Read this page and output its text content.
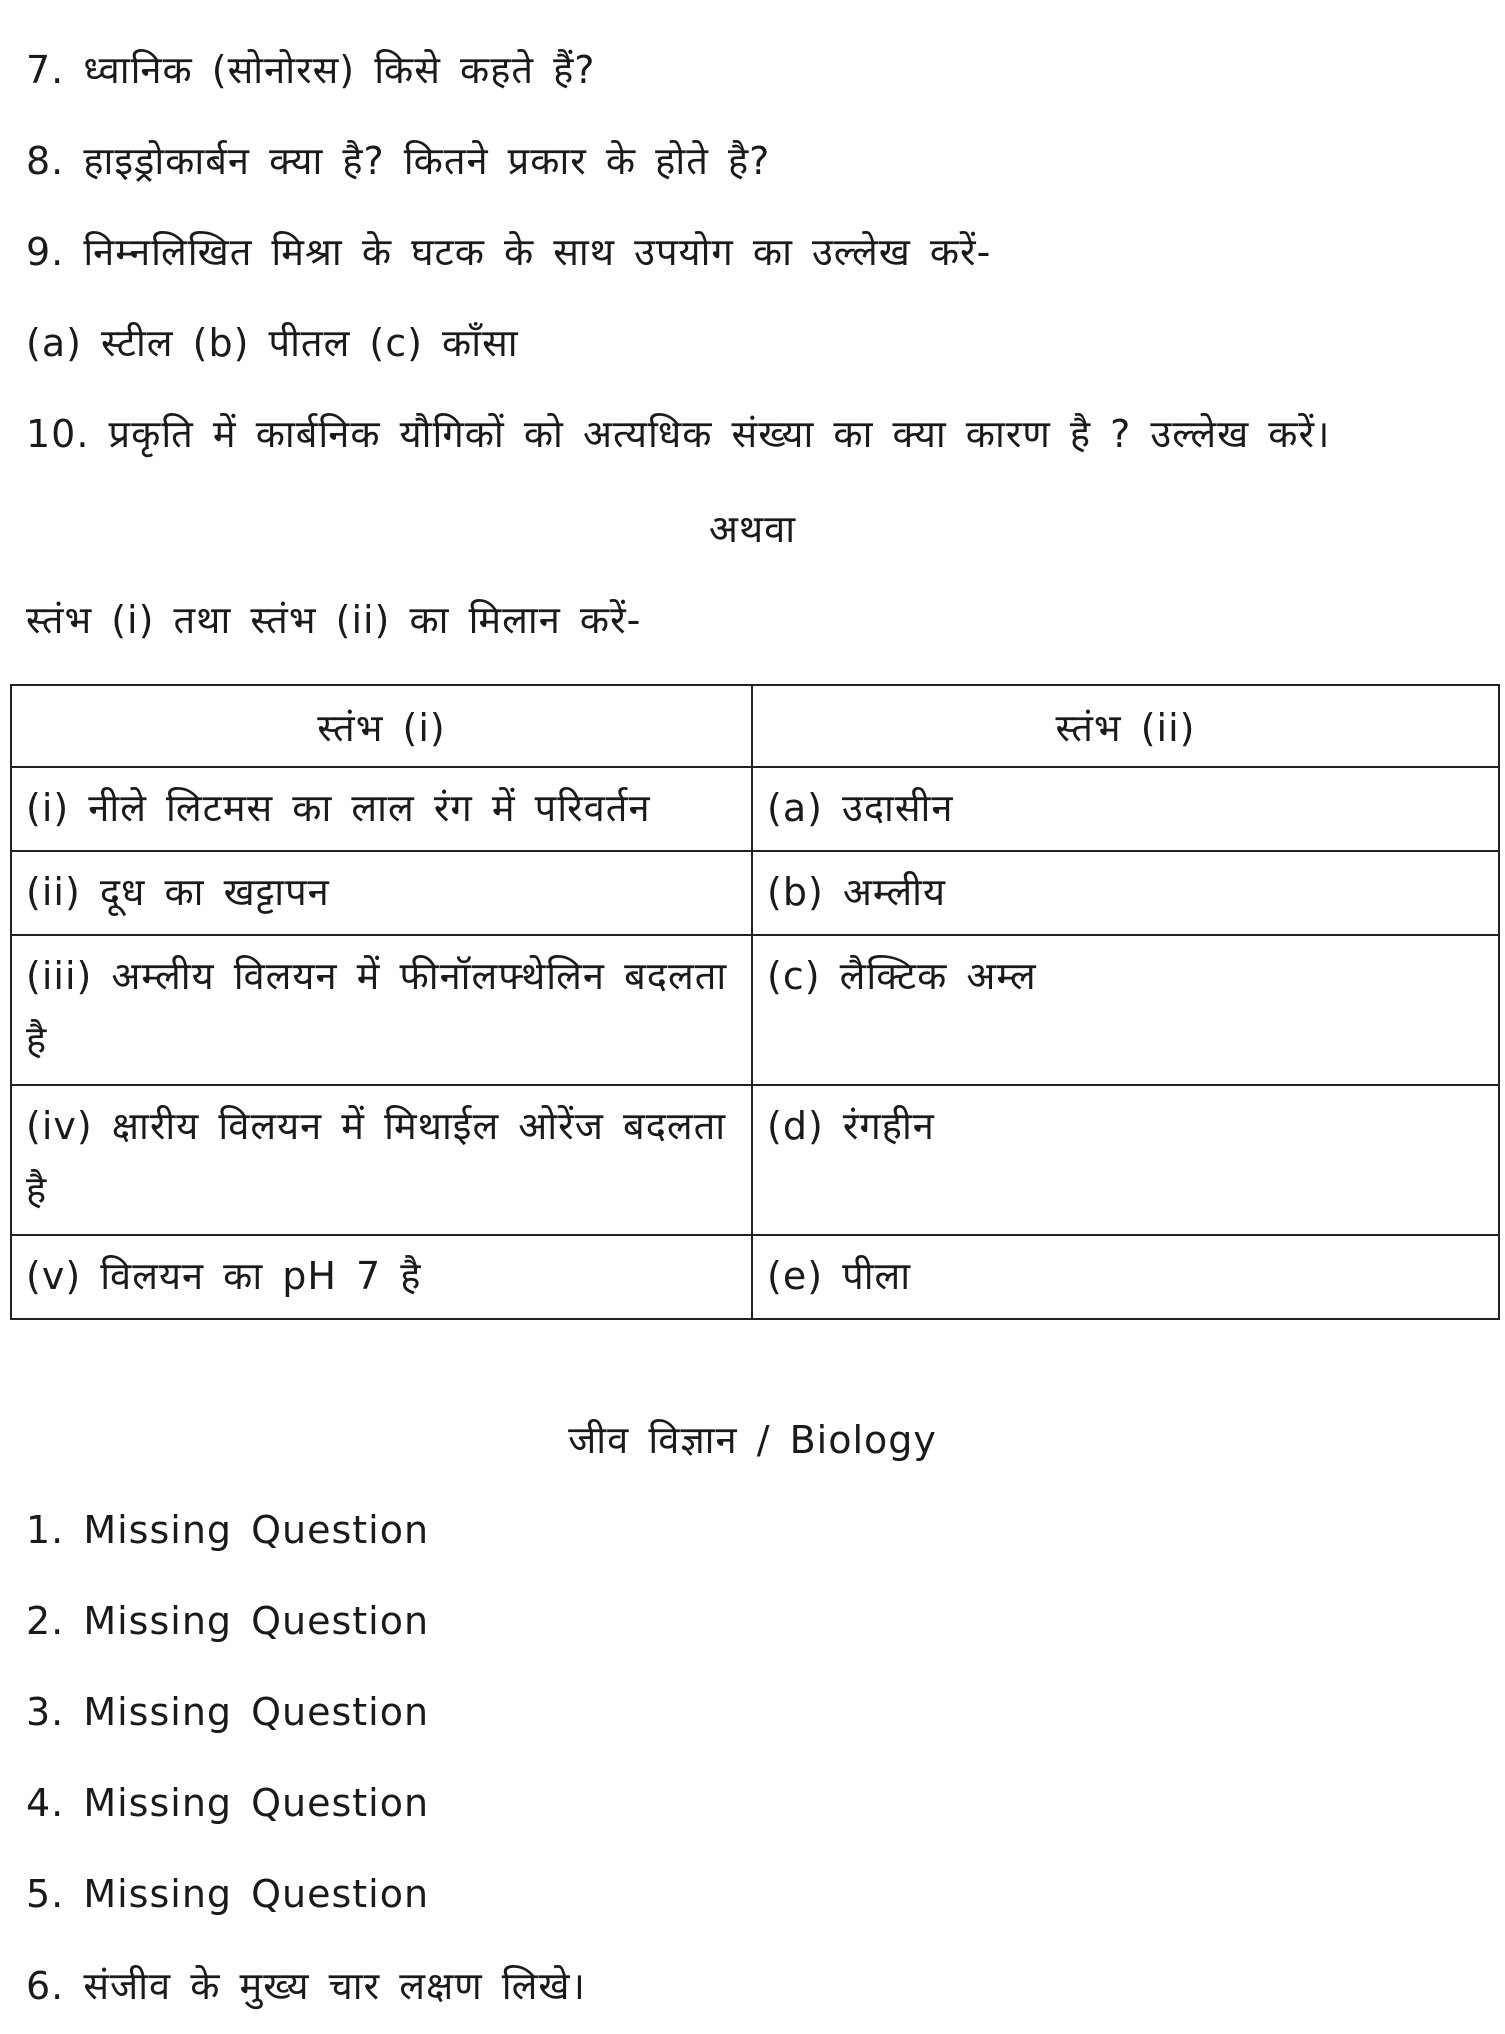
7. ध्वानिक (सोनोरस) किसे कहते हैं?
8. हाइड्रोकार्बन क्या है? कितने प्रकार के होते है?
9. निम्नलिखित मिश्रा के घटक के साथ उपयोग का उल्लेख करें-
(a) स्टील (b) पीतल (c) काँसा
10. प्रकृति में कार्बनिक यौगिकों को अत्यधिक संख्या का क्या कारण है ? उल्लेख करें।
अथवा
स्तंभ (i) तथा स्तंभ (ii) का मिलान करें-
स्तंभ (i)	स्तंभ (ii)
(i) नीले लिटमस का लाल रंग में परिवर्तन	(a) उदासीन
(ii) दूध का खट्टापन	(b) अम्लीय
(iii) अम्लीय विलयन में फीनॉलफ्थेलिन बदलता है	(c) लैक्टिक अम्ल
(iv) क्षारीय विलयन में मिथाईल ओरेंज बदलता है	(d) रंगहीन
(v) विलयन का pH 7 है	(e) पीला
जीव विज्ञान / Biology
1. Missing Question
2. Missing Question
3. Missing Question
4. Missing Question
5. Missing Question
6. संजीव के मुख्य चार लक्षण लिखे।
